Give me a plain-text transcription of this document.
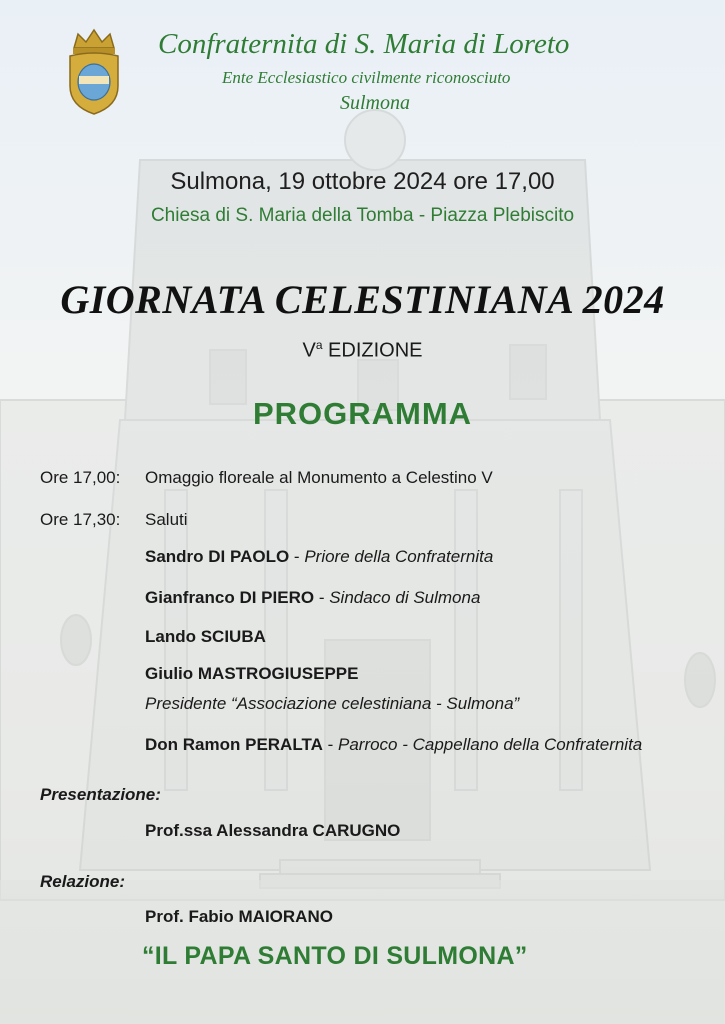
Confraternita di S. Maria di Loreto
Ente Ecclesiastico civilmente riconosciuto
Sulmona
Sulmona, 19 ottobre 2024 ore 17,00
Chiesa di S. Maria della Tomba - Piazza Plebiscito
GIORNATA CELESTINIANA 2024
$V^a$ EDIZIONE
PROGRAMMA
Ore 17,00: Omaggio floreale al Monumento a Celestino V
Ore 17,30: Saluti
Sandro DI PAOLO - Priore della Confraternita
Gianfranco DI PIERO - Sindaco di Sulmona
Lando SCIUBA
Giulio MASTROGIUSEPPE
Presidente “Associazione celestiniana - Sulmona”
Don Ramon PERALTA - Parroco - Cappellano della Confraternita
Presentazione:
Prof.ssa Alessandra CARUGNO
Relazione:
Prof. Fabio MAIORANO
“IL PAPA SANTO DI SULMONA”
